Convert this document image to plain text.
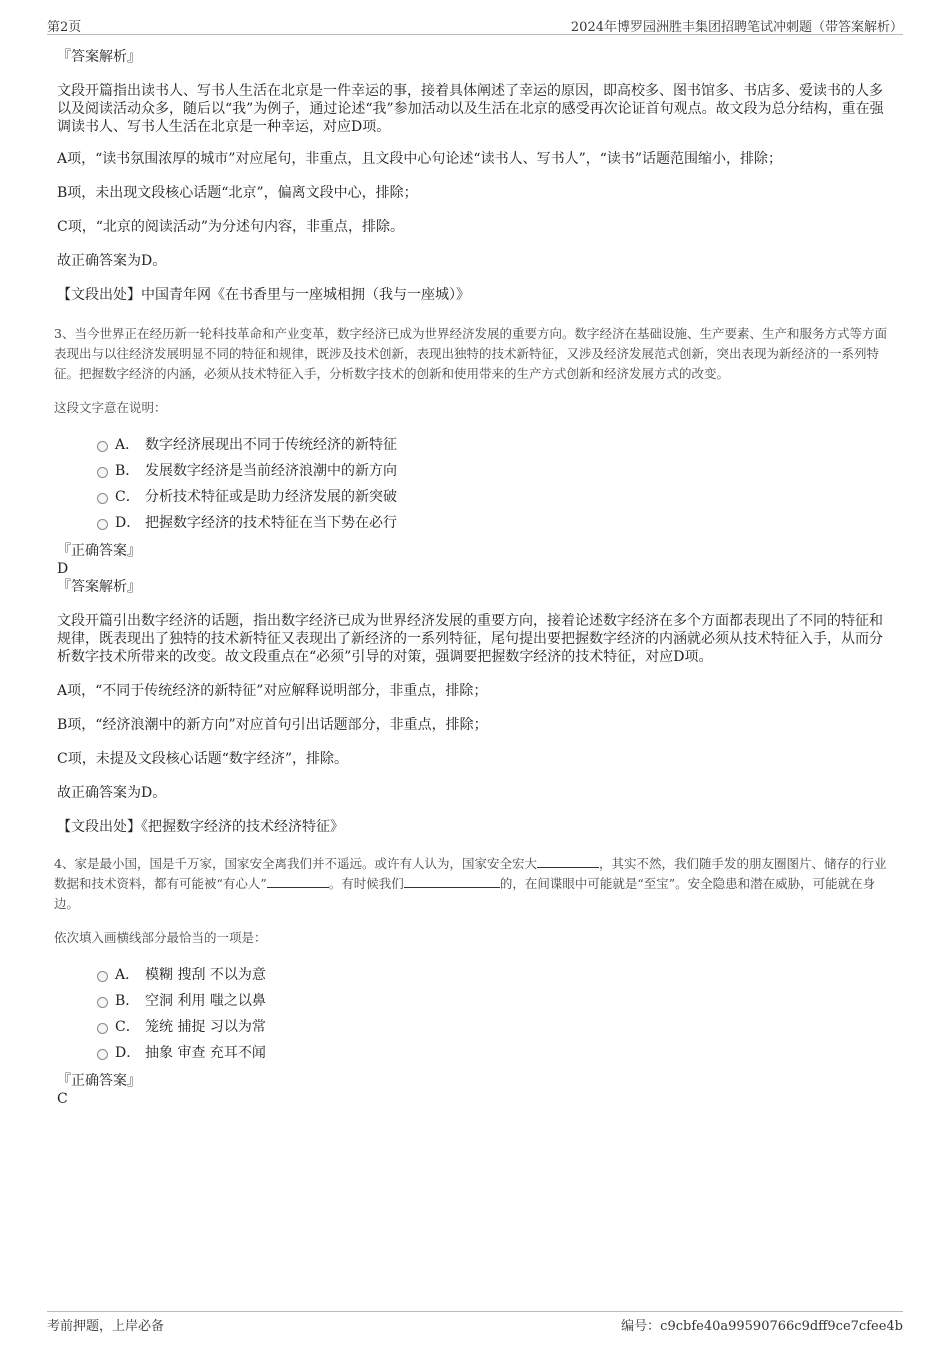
第2页	2024年博罗园洲胜丰集团招聘笔试冲刺题（带答案解析）

『答案解析』

文段开篇指出读书人、写书人生活在北京是一件幸运的事，接着具体阐述了幸运的原因，即高校多、图书馆多、书店多、爱读书的人多以及阅读活动众多，随后以“我”为例子，通过论述“我”参加活动以及生活在北京的感受再次论证首句观点。故文段为总分结构，重在强调读书人、写书人生活在北京是一种幸运，对应D项。

A项，“读书氛围浓厚的城市”对应尾句，非重点，且文段中心句论述“读书人、写书人”，“读书”话题范围缩小，排除；

B项，未出现文段核心话题“北京”，偏离文段中心，排除；

C项，“北京的阅读活动”为分述句内容，非重点，排除。

故正确答案为D。

【文段出处】中国青年网《在书香里与一座城相拥（我与一座城）》

3、当今世界正在经历新一轮科技革命和产业变革，数字经济已成为世界经济发展的重要方向。数字经济在基础设施、生产要素、生产和服务方式等方面表现出与以往经济发展明显不同的特征和规律，既涉及技术创新，表现出独特的技术新特征，又涉及经济发展范式创新，突出表现为新经济的一系列特征。把握数字经济的内涵，必须从技术特征入手，分析数字技术的创新和使用带来的生产方式创新和经济发展方式的改变。

这段文字意在说明：

A． 数字经济展现出不同于传统经济的新特征
B． 发展数字经济是当前经济浪潮中的新方向
C． 分析技术特征或是助力经济发展的新突破
D． 把握数字经济的技术特征在当下势在必行

『正确答案』

D

『答案解析』

文段开篇引出数字经济的话题，指出数字经济已成为世界经济发展的重要方向，接着论述数字经济在多个方面都表现出了不同的特征和规律，既表现出了独特的技术新特征又表现出了新经济的一系列特征，尾句提出要把握数字经济的内涵就必须从技术特征入手，从而分析数字技术所带来的改变。故文段重点在“必须”引导的对策，强调要把握数字经济的技术特征，对应D项。

A项，“不同于传统经济的新特征”对应解释说明部分，非重点，排除；

B项，“经济浪潮中的新方向”对应首句引出话题部分，非重点，排除；

C项，未提及文段核心话题“数字经济”，排除。

故正确答案为D。

【文段出处】《把握数字经济的技术经济特征》

4、家是最小国，国是千万家，国家安全离我们并不遥远。或许有人认为，国家安全宏大	，其实不然，我们随手发的朋友圈图片、储存的行业数据和技术资料，都有可能被“有心人”	。有时候我们	的，在间谍眼中可能就是“至宝”。安全隐患和潜在威胁，可能就在身边。

依次填入画横线部分最恰当的一项是：

A． 模糊 搜刮 不以为意
B． 空洞 利用 嗤之以鼻
C． 笼统 捕捉 习以为常
D． 抽象 审查 充耳不闻

『正确答案』

C

考前押题，上岸必备	编号：c9cbfe40a99590766c9dff9ce7cfee4b
